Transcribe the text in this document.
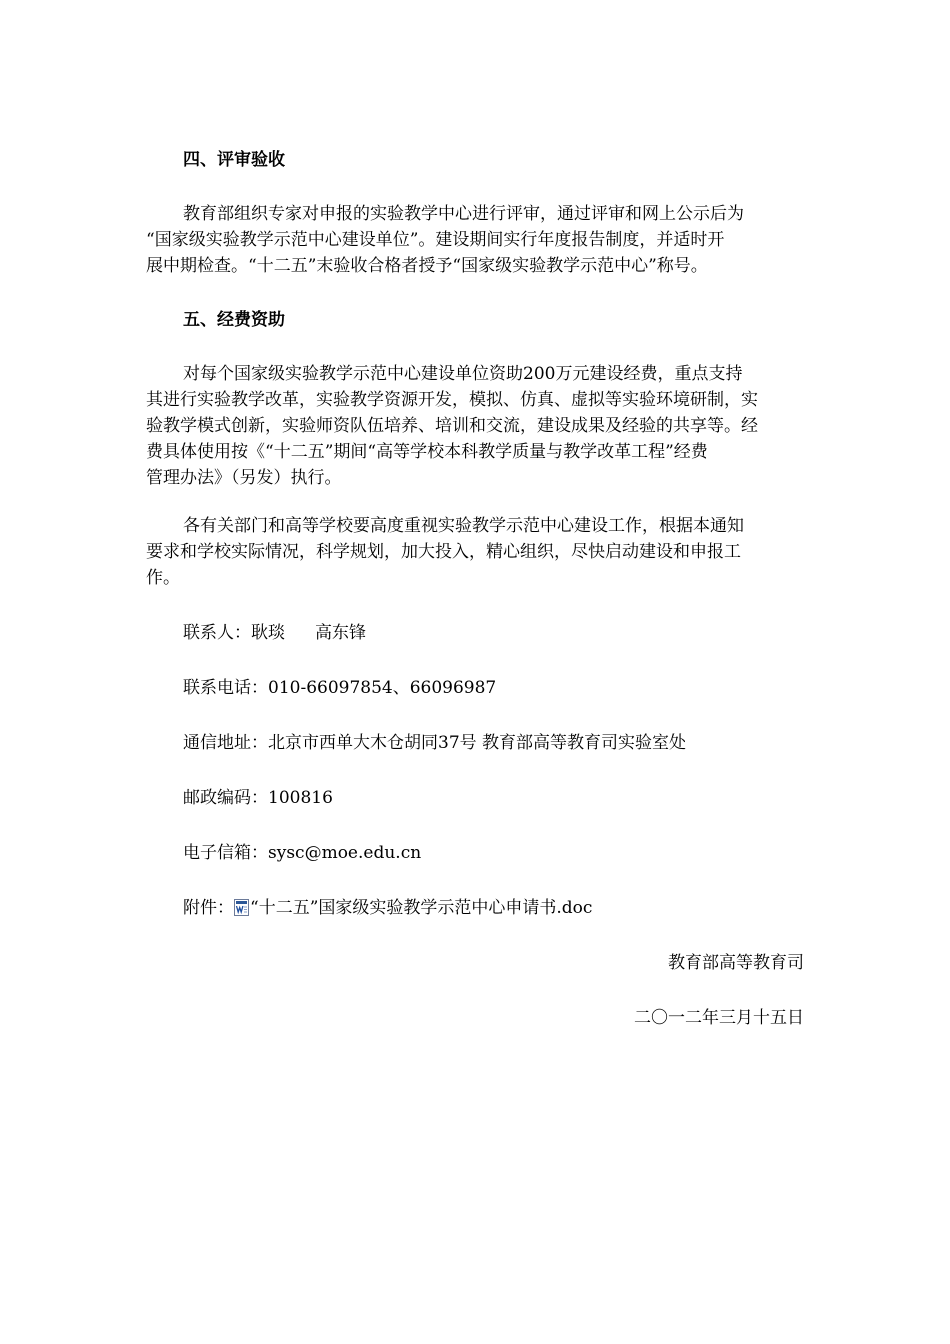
四、评审验收
教育部组织专家对申报的实验教学中心进行评审，通过评审和网上公示后为
“国家级实验教学示范中心建设单位”。建设期间实行年度报告制度，并适时开
展中期检查。“十二五”末验收合格者授予“国家级实验教学示范中心”称号。
五、经费资助
对每个国家级实验教学示范中心建设单位资助200万元建设经费，重点支持
其进行实验教学改革，实验教学资源开发，模拟、仿真、虚拟等实验环境研制，实
验教学模式创新，实验师资队伍培养、培训和交流，建设成果及经验的共享等。经
费具体使用按《“十二五”期间“高等学校本科教学质量与教学改革工程”经费
管理办法》（另发）执行。
各有关部门和高等学校要高度重视实验教学示范中心建设工作，根据本通知
要求和学校实际情况，科学规划，加大投入，精心组织，尽快启动建设和申报工
作。
联系人：耿琰 高东锋
联系电话：010-66097854、66096987
通信地址：北京市西单大木仓胡同37号 教育部高等教育司实验室处
邮政编码：100816
电子信箱：sysc@moe.edu.cn
附件： “十二五”国家级实验教学示范中心申请书.doc
教育部高等教育司
二〇一二年三月十五日
